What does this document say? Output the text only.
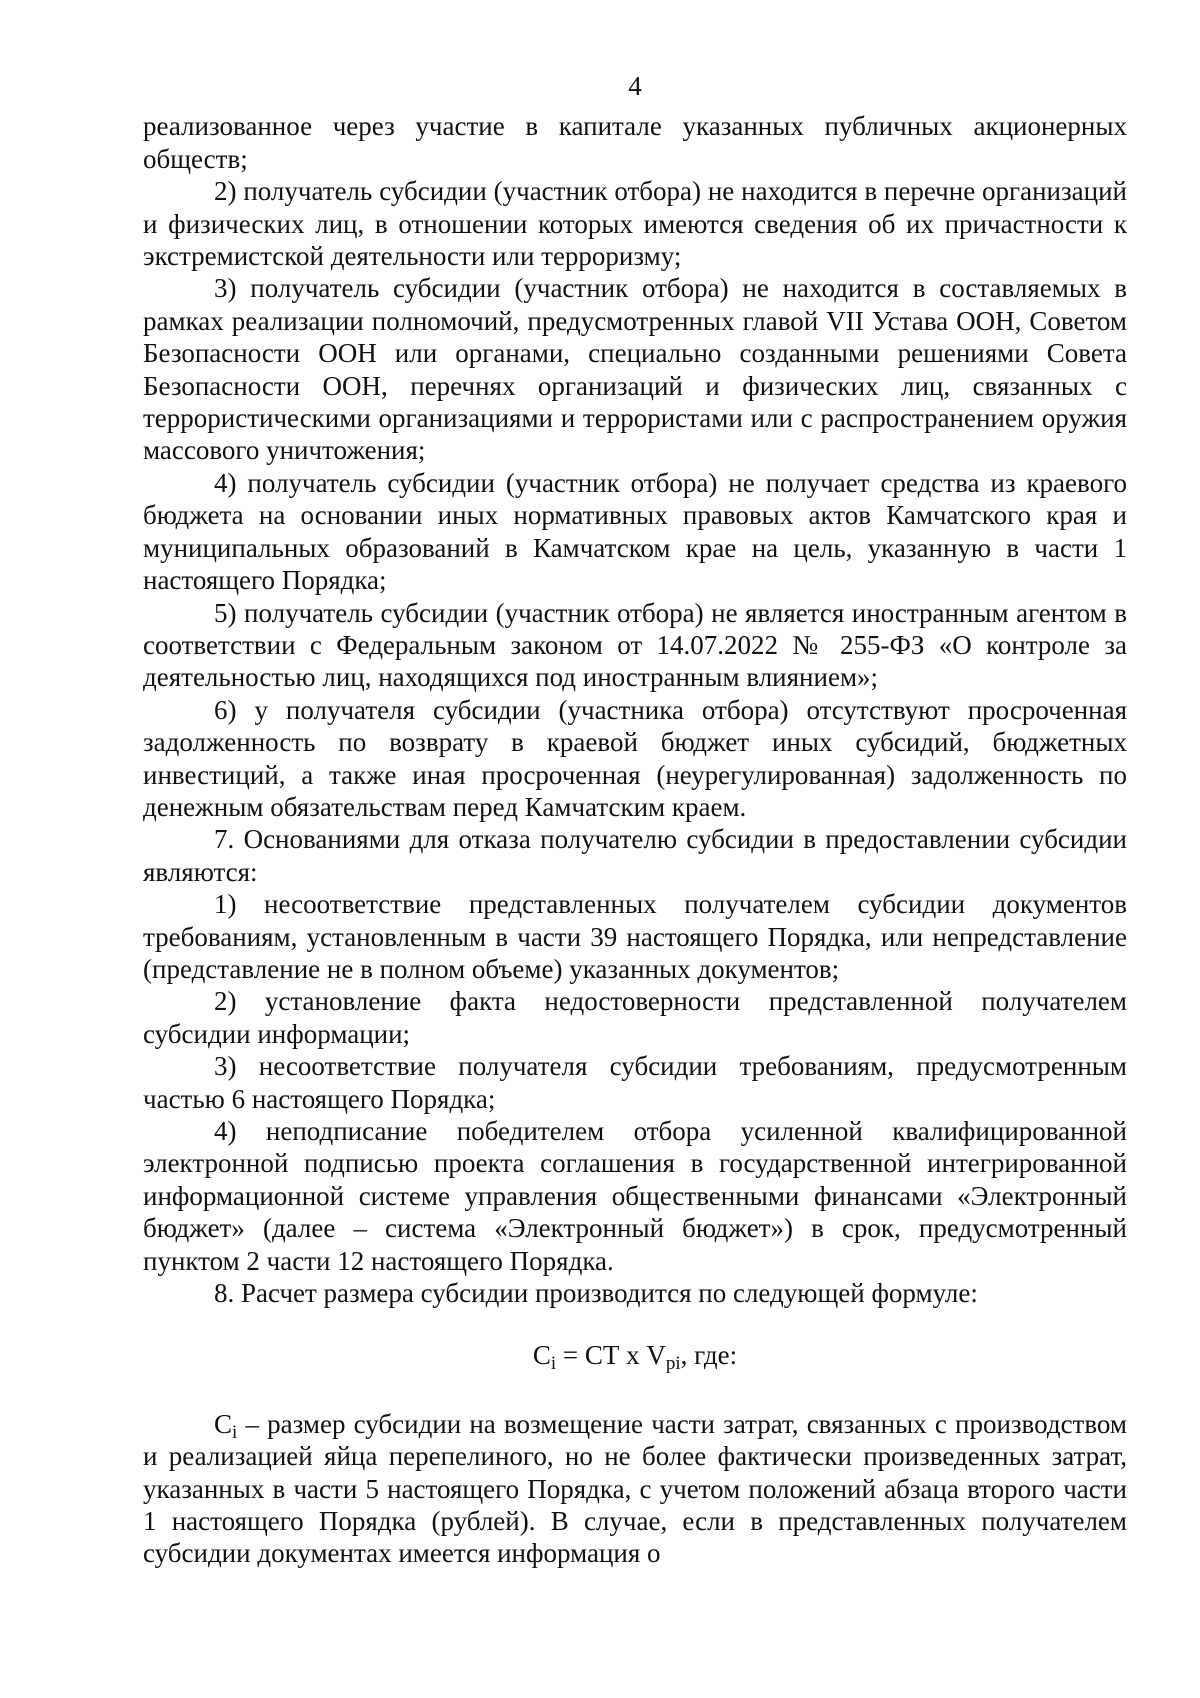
4

реализованное через участие в капитале указанных публичных акционерных обществ;

2) получатель субсидии (участник отбора) не находится в перечне организаций и физических лиц, в отношении которых имеются сведения об их причастности к экстремистской деятельности или терроризму;

3) получатель субсидии (участник отбора) не находится в составляемых в рамках реализации полномочий, предусмотренных главой VII Устава ООН, Советом Безопасности ООН или органами, специально созданными решениями Совета Безопасности ООН, перечнях организаций и физических лиц, связанных с террористическими организациями и террористами или с распространением оружия массового уничтожения;

4) получатель субсидии (участник отбора) не получает средства из краевого бюджета на основании иных нормативных правовых актов Камчатского края и муниципальных образований в Камчатском крае на цель, указанную в части 1 настоящего Порядка;

5) получатель субсидии (участник отбора) не является иностранным агентом в соответствии с Федеральным законом от 14.07.2022 № 255-ФЗ «О контроле за деятельностью лиц, находящихся под иностранным влиянием»;

6) у получателя субсидии (участника отбора) отсутствуют просроченная задолженность по возврату в краевой бюджет иных субсидий, бюджетных инвестиций, а также иная просроченная (неурегулированная) задолженность по денежным обязательствам перед Камчатским краем.

7. Основаниями для отказа получателю субсидии в предоставлении субсидии являются:

1) несоответствие представленных получателем субсидии документов требованиям, установленным в части 39 настоящего Порядка, или непредставление (представление не в полном объеме) указанных документов;

2) установление факта недостоверности представленной получателем субсидии информации;

3) несоответствие получателя субсидии требованиям, предусмотренным частью 6 настоящего Порядка;

4) неподписание победителем отбора усиленной квалифицированной электронной подписью проекта соглашения в государственной интегрированной информационной системе управления общественными финансами «Электронный бюджет» (далее – система «Электронный бюджет») в срок, предусмотренный пунктом 2 части 12 настоящего Порядка.

8. Расчет размера субсидии производится по следующей формуле:

$C_i$ = СТ х $V_{pi}$, где:

$C_i$ – размер субсидии на возмещение части затрат, связанных с производством и реализацией яйца перепелиного, но не более фактически произведенных затрат, указанных в части 5 настоящего Порядка, с учетом положений абзаца второго части 1 настоящего Порядка (рублей). В случае, если в представленных получателем субсидии документах имеется информация о
